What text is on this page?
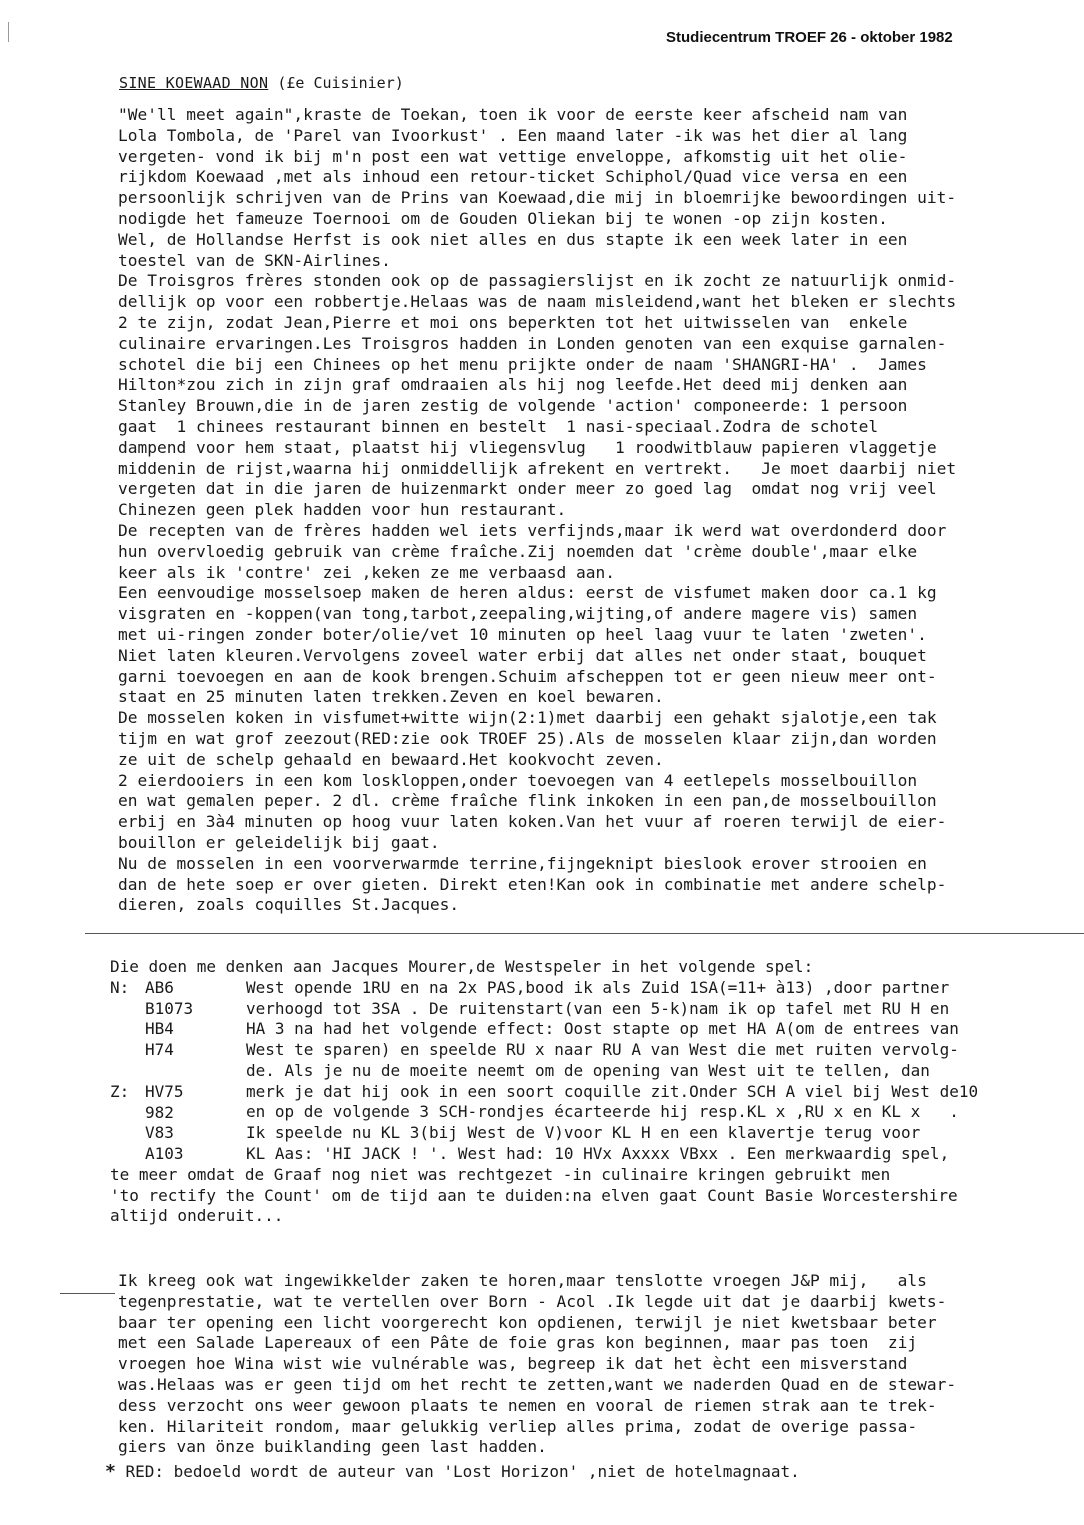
Studiecentrum TROEF 26 - oktober 1982
SINE KOEWAAD NON (£e Cuisinier)
"We'll meet again",kraste de Toekan, toen ik voor de eerste keer afscheid nam van
Lola Tombola, de 'Parel van Ivoorkust' . Een maand later -ik was het dier al lang
vergeten- vond ik bij m'n post een wat vettige enveloppe, afkomstig uit het olie-
rijkdom Koewaad ,met als inhoud een retour-ticket Schiphol/Quad vice versa en een
persoonlijk schrijven van de Prins van Koewaad,die mij in bloemrijke bewoordingen uit-
nodigde het fameuze Toernooi om de Gouden Oliekan bij te wonen -op zijn kosten.
Wel, de Hollandse Herfst is ook niet alles en dus stapte ik een week later in een
toestel van de SKN-Airlines.
De Troisgros frères stonden ook op de passagierslijst en ik zocht ze natuurlijk onmid-
dellijk op voor een robbertje.Helaas was de naam misleidend,want het bleken er slechts
2 te zijn, zodat Jean,Pierre et moi ons beperkten tot het uitwisselen van  enkele
culinaire ervaringen.Les Troisgros hadden in Londen genoten van een exquise garnalen-
schotel die bij een Chinees op het menu prijkte onder de naam 'SHANGRI-HA' .  James
Hilton*zou zich in zijn graf omdraaien als hij nog leefde.Het deed mij denken aan
Stanley Brouwn,die in de jaren zestig de volgende 'action' componeerde: 1 persoon
gaat  1 chinees restaurant binnen en bestelt  1 nasi-speciaal.Zodra de schotel
dampend voor hem staat, plaatst hij vliegensvlug   1 roodwitblauw papieren vlaggetje
middenin de rijst,waarna hij onmiddellijk afrekent en vertrekt.   Je moet daarbij niet
vergeten dat in die jaren de huizenmarkt onder meer zo goed lag  omdat nog vrij veel
Chinezen geen plek hadden voor hun restaurant.
De recepten van de frères hadden wel iets verfijnds,maar ik werd wat overdonderd door
hun overvloedig gebruik van crème fraîche.Zij noemden dat 'crème double',maar elke
keer als ik 'contre' zei ,keken ze me verbaasd aan.
Een eenvoudige mosselsoep maken de heren aldus: eerst de visfumet maken door ca.1 kg
visgraten en -koppen(van tong,tarbot,zeepaling,wijting,of andere magere vis) samen
met ui-ringen zonder boter/olie/vet 10 minuten op heel laag vuur te laten 'zweten'.
Niet laten kleuren.Vervolgens zoveel water erbij dat alles net onder staat, bouquet
garni toevoegen en aan de kook brengen.Schuim afscheppen tot er geen nieuw meer ont-
staat en 25 minuten laten trekken.Zeven en koel bewaren.
De mosselen koken in visfumet+witte wijn(2:1)met daarbij een gehakt sjalotje,een tak
tijm en wat grof zeezout(RED:zie ook TROEF 25).Als de mosselen klaar zijn,dan worden
ze uit de schelp gehaald en bewaard.Het kookvocht zeven.
2 eierdooiers in een kom loskloppen,onder toevoegen van 4 eetlepels mosselbouillon
en wat gemalen peper. 2 dl. crème fraîche flink inkoken in een pan,de mosselbouillon
erbij en 3à4 minuten op hoog vuur laten koken.Van het vuur af roeren terwijl de eier-
bouillon er geleidelijk bij gaat.
Nu de mosselen in een voorverwarmde terrine,fijngeknipt bieslook erover strooien en
dan de hete soep er over gieten. Direkt eten!Kan ook in combinatie met andere schelp-
dieren, zoals coquilles St.Jacques.
Die doen me denken aan Jacques Mourer,de Westspeler in het volgende spel:
N:
Z:
AB6
B1073
HB4
H74
HV75
982
V83
A103
West opende 1RU en na 2x PAS,bood ik als Zuid 1SA(=11+ à13) ,door partner
verhoogd tot 3SA . De ruitenstart(van een 5-k)nam ik op tafel met RU H en
HA 3 na had het volgende effect: Oost stapte op met HA A(om de entrees van
West te sparen) en speelde RU x naar RU A van West die met ruiten vervolg-
de. Als je nu de moeite neemt om de opening van West uit te tellen, dan
merk je dat hij ook in een soort coquille zit.Onder SCH A viel bij West de10
en op de volgende 3 SCH-rondjes écarteerde hij resp.KL x ,RU x en KL x   .
Ik speelde nu KL 3(bij West de V)voor KL H en een klavertje terug voor
KL Aas: 'HI JACK ! '. West had: 10 HVx Axxxx VBxx . Een merkwaardig spel,
te meer omdat de Graaf nog niet was rechtgezet -in culinaire kringen gebruikt men
'to rectify the Count' om de tijd aan te duiden:na elven gaat Count Basie Worcestershire
altijd onderuit...
Ik kreeg ook wat ingewikkelder zaken te horen,maar tenslotte vroegen J&P mij,   als
tegenprestatie, wat te vertellen over Born - Acol .Ik legde uit dat je daarbij kwets-
baar ter opening een licht voorgerecht kon opdienen, terwijl je niet kwetsbaar beter
met een Salade Lapereaux of een Pâte de foie gras kon beginnen, maar pas toen  zij
vroegen hoe Wina wist wie vulnérable was, begreep ik dat het ècht een misverstand
was.Helaas was er geen tijd om het recht te zetten,want we naderden Quad en de stewar-
dess verzocht ons weer gewoon plaats te nemen en vooral de riemen strak aan te trek-
ken. Hilariteit rondom, maar gelukkig verliep alles prima, zodat de overige passa-
giers van önze buiklanding geen last hadden.
* RED: bedoeld wordt de auteur van 'Lost Horizon' ,niet de hotelmagnaat.
